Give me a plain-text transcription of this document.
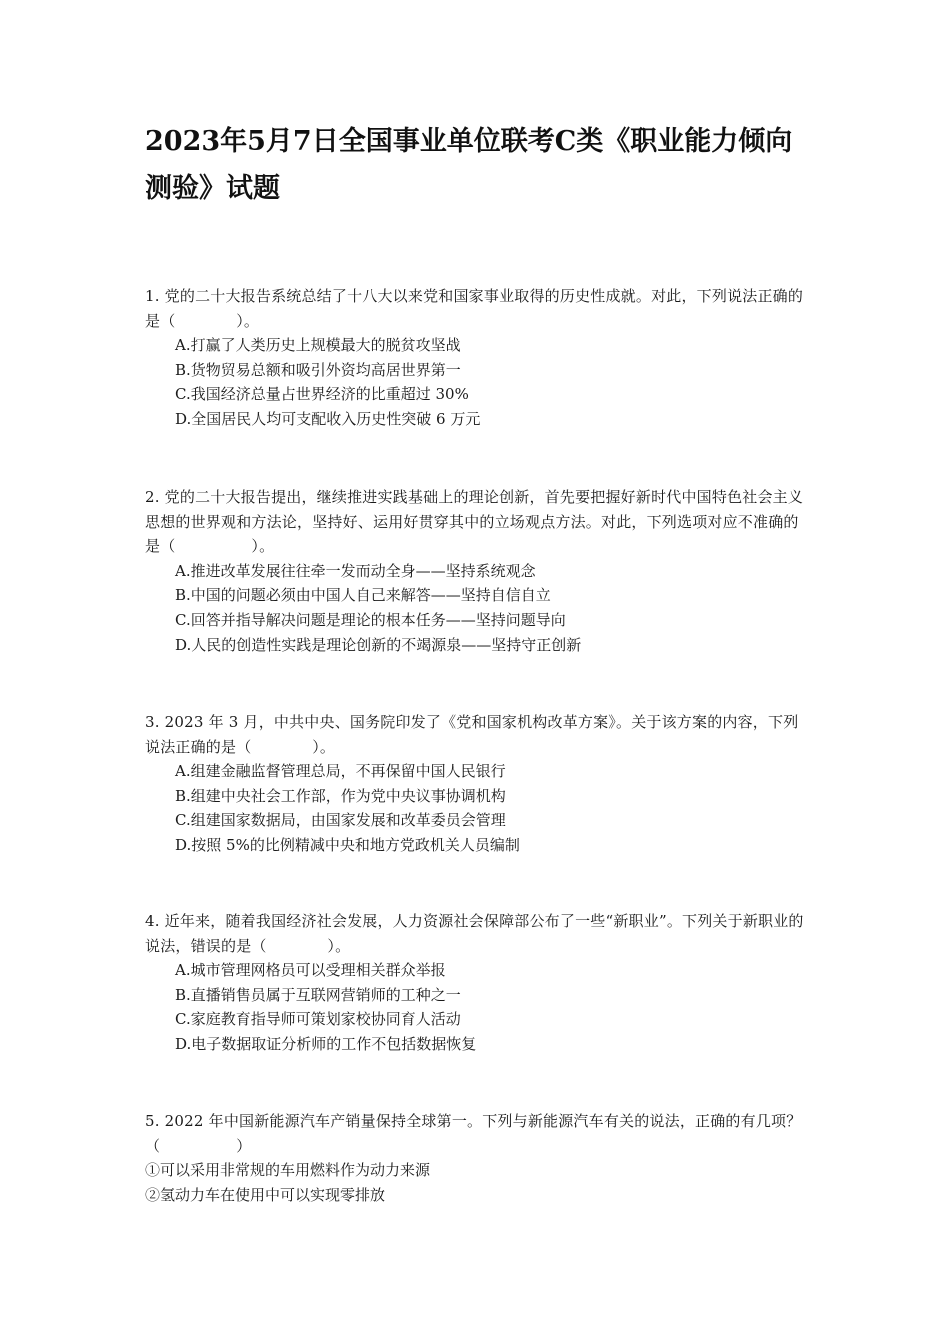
2023年5月7日全国事业单位联考C类《职业能力倾向测验》试题

1. 党的二十大报告系统总结了十八大以来党和国家事业取得的历史性成就。对此，下列说法正确的是（　　　　）。

A.打赢了人类历史上规模最大的脱贫攻坚战

B.货物贸易总额和吸引外资均高居世界第一

C.我国经济总量占世界经济的比重超过 30%

D.全国居民人均可支配收入历史性突破 6 万元

2. 党的二十大报告提出，继续推进实践基础上的理论创新，首先要把握好新时代中国特色社会主义思想的世界观和方法论，坚持好、运用好贯穿其中的立场观点方法。对此，下列选项对应不准确的是（　　　　　）。

A.推进改革发展往往牵一发而动全身——坚持系统观念

B.中国的问题必须由中国人自己来解答——坚持自信自立

C.回答并指导解决问题是理论的根本任务——坚持问题导向

D.人民的创造性实践是理论创新的不竭源泉——坚持守正创新

3. 2023 年 3 月，中共中央、国务院印发了《党和国家机构改革方案》。关于该方案的内容，下列说法正确的是（　　　　）。

A.组建金融监督管理总局，不再保留中国人民银行

B.组建中央社会工作部，作为党中央议事协调机构

C.组建国家数据局，由国家发展和改革委员会管理

D.按照 5%的比例精减中央和地方党政机关人员编制

4. 近年来，随着我国经济社会发展，人力资源社会保障部公布了一些“新职业”。下列关于新职业的说法，错误的是（　　　　）。

A.城市管理网格员可以受理相关群众举报

B.直播销售员属于互联网营销师的工种之一

C.家庭教育指导师可策划家校协同育人活动

D.电子数据取证分析师的工作不包括数据恢复

5. 2022 年中国新能源汽车产销量保持全球第一。下列与新能源汽车有关的说法，正确的有几项？（　　　　　）

①可以采用非常规的车用燃料作为动力来源

②氢动力车在使用中可以实现零排放
